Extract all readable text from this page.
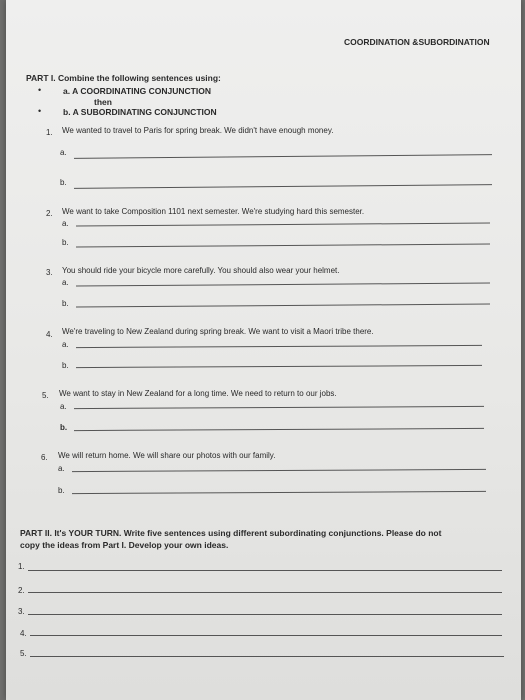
COORDINATION &SUBORDINATION
PART I. Combine the following sentences using:
•	a. A COORDINATING CONJUNCTION
then
•	b. A SUBORDINATING CONJUNCTION
1. We wanted to travel to Paris for spring break. We didn't have enough money.
a.
b.
2. We want to take Composition 1101 next semester. We're studying hard this semester.
a.
b.
3. You should ride your bicycle more carefully. You should also wear your helmet.
a.
b.
4. We're traveling to New Zealand during spring break. We want to visit a Maori tribe there.
a.
b.
5. We want to stay in New Zealand for a long time. We need to return to our jobs.
a.
b.
6. We will return home. We will share our photos with our family.
a.
b.
PART II. It's YOUR TURN. Write five sentences using different subordinating conjunctions. Please do not
copy the ideas from Part I. Develop your own ideas.
1.
2.
3.
4.
5.
